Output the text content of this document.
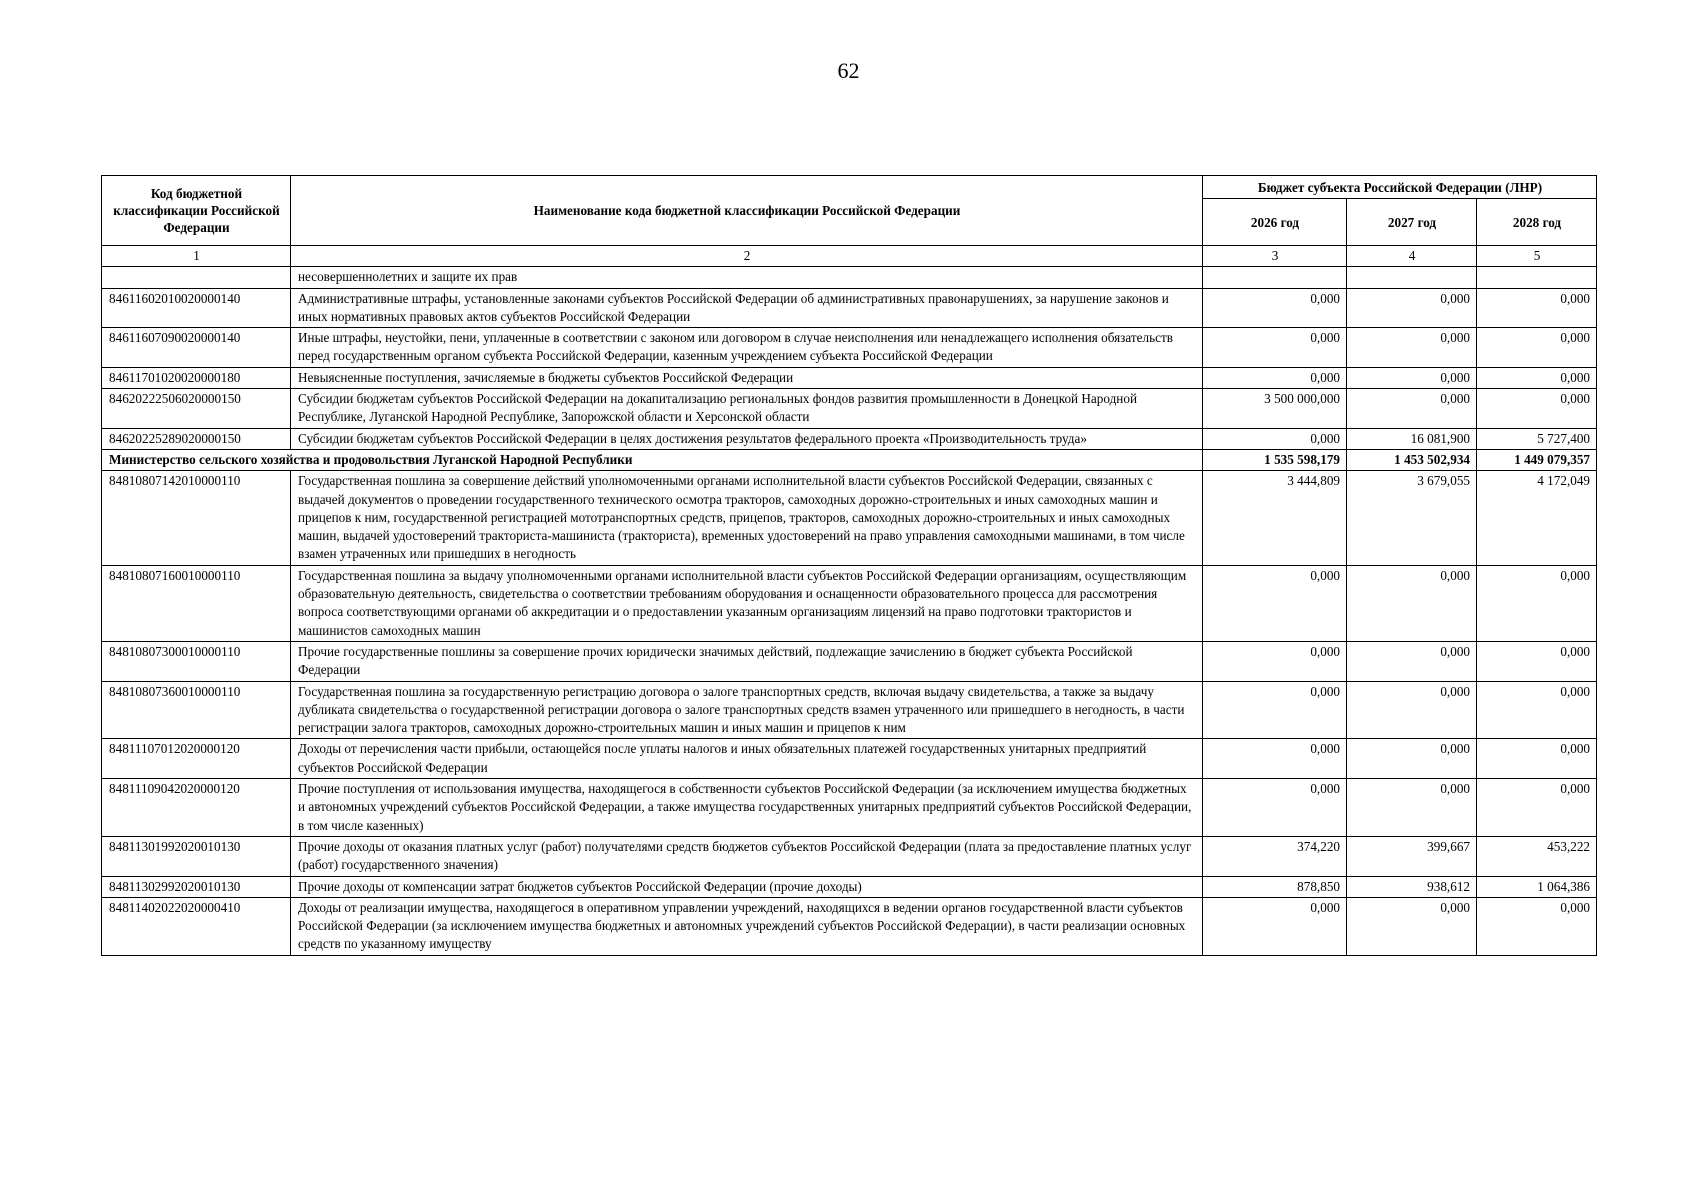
62
Код бюджетной классификации Российской Федерации	Наименование кода бюджетной классификации Российской Федерации	Бюджет субъекта Российской Федерации (ЛНР)		
		2026 год	2027 год	2028 год
1	2	3	4	5
	несовершеннолетних и защите их прав			
84611602010020000140	Административные штрафы, установленные законами субъектов Российской Федерации об административных правонарушениях, за нарушение законов и иных нормативных правовых актов субъектов Российской Федерации	0,000	0,000	0,000
84611607090020000140	Иные штрафы, неустойки, пени, уплаченные в соответствии с законом или договором в случае неисполнения или ненадлежащего исполнения обязательств перед государственным органом субъекта Российской Федерации, казенным учреждением субъекта Российской Федерации	0,000	0,000	0,000
84611701020020000180	Невыясненные поступления, зачисляемые в бюджеты субъектов Российской Федерации	0,000	0,000	0,000
84620222506020000150	Субсидии бюджетам субъектов Российской Федерации на докапитализацию региональных фондов развития промышленности в Донецкой Народной Республике, Луганской Народной Республике, Запорожской области и Херсонской области	3 500 000,000	0,000	0,000
84620225289020000150	Субсидии бюджетам субъектов Российской Федерации в целях достижения результатов федерального проекта «Производительность труда»	0,000	16 081,900	5 727,400
Министерство сельского хозяйства и продовольствия Луганской Народной Республики		1 535 598,179	1 453 502,934	1 449 079,357
84810807142010000110	Государственная пошлина за совершение действий уполномоченными органами исполнительной власти субъектов Российской Федерации, связанных с выдачей документов о проведении государственного технического осмотра тракторов, самоходных дорожно-строительных и иных самоходных машин и прицепов к ним, государственной регистрацией мототранспортных средств, прицепов, тракторов, самоходных дорожно-строительных и иных самоходных машин, выдачей удостоверений тракториста-машиниста (тракториста), временных удостоверений на право управления самоходными машинами, в том числе взамен утраченных или пришедших в негодность	3 444,809	3 679,055	4 172,049
84810807160010000110	Государственная пошлина за выдачу уполномоченными органами исполнительной власти субъектов Российской Федерации организациям, осуществляющим образовательную деятельность, свидетельства о соответствии требованиям оборудования и оснащенности образовательного процесса для рассмотрения вопроса соответствующими органами об аккредитации и о предоставлении указанным организациям лицензий на право подготовки трактористов и машинистов самоходных машин	0,000	0,000	0,000
84810807300010000110	Прочие государственные пошлины за совершение прочих юридически значимых действий, подлежащие зачислению в бюджет субъекта Российской Федерации	0,000	0,000	0,000
84810807360010000110	Государственная пошлина за государственную регистрацию договора о залоге транспортных средств, включая выдачу свидетельства, а также за выдачу дубликата свидетельства о государственной регистрации договора о залоге транспортных средств взамен утраченного или пришедшего в негодность, в части регистрации залога тракторов, самоходных дорожно-строительных машин и иных машин и прицепов к ним	0,000	0,000	0,000
84811107012020000120	Доходы от перечисления части прибыли, остающейся после уплаты налогов и иных обязательных платежей государственных унитарных предприятий субъектов Российской Федерации	0,000	0,000	0,000
84811109042020000120	Прочие поступления от использования имущества, находящегося в собственности субъектов Российской Федерации (за исключением имущества бюджетных и автономных учреждений субъектов Российской Федерации, а также имущества государственных унитарных предприятий субъектов Российской Федерации, в том числе казенных)	0,000	0,000	0,000
84811301992020010130	Прочие доходы от оказания платных услуг (работ) получателями средств бюджетов субъектов Российской Федерации (плата за предоставление платных услуг (работ) государственного значения)	374,220	399,667	453,222
84811302992020010130	Прочие доходы от компенсации затрат бюджетов субъектов Российской Федерации (прочие доходы)	878,850	938,612	1 064,386
84811402022020000410	Доходы от реализации имущества, находящегося в оперативном управлении учреждений, находящихся в ведении органов государственной власти субъектов Российской Федерации (за исключением имущества бюджетных и автономных учреждений субъектов Российской Федерации), в части реализации основных средств по указанному имуществу	0,000	0,000	0,000
